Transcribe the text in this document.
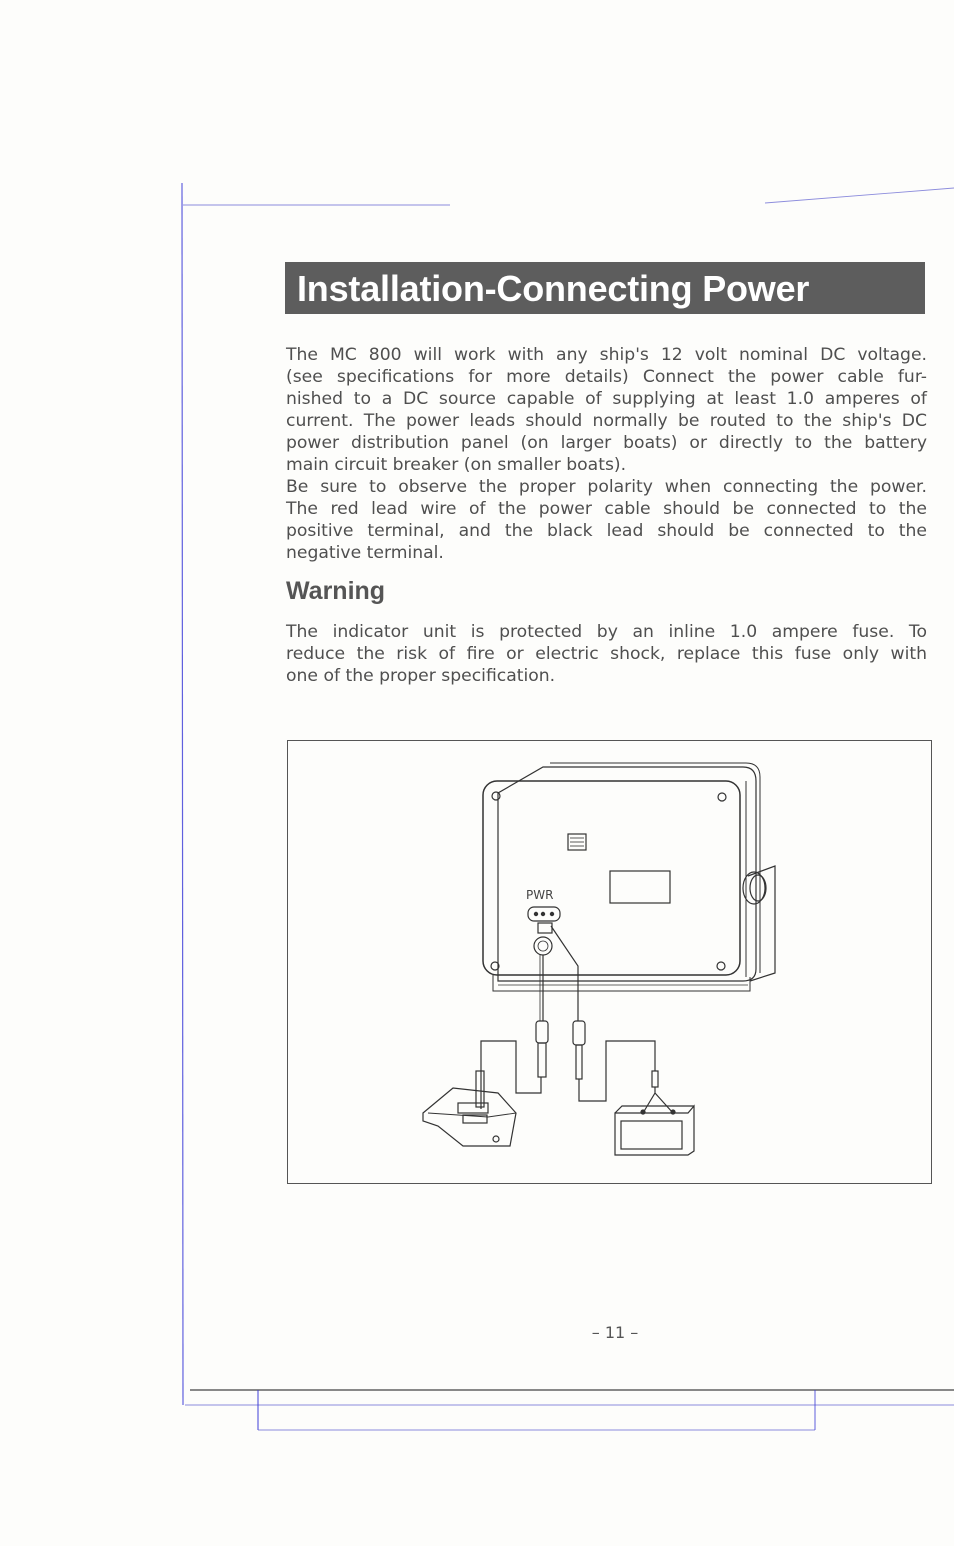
Installation-Connecting Power
The MC 800 will work with any ship's 12 volt nominal DC voltage.
(see specifications for more details) Connect the power cable fur-
nished to a DC source capable of supplying at least 1.0 amperes of
current. The power leads should normally be routed to the ship's DC
power distribution panel (on larger boats) or directly to the battery
main circuit breaker (on smaller boats).
Be sure to observe the proper polarity when connecting the power.
The red lead wire of the power cable should be connected to the
positive terminal, and the black lead should be connected to the
negative terminal.
Warning
The indicator unit is protected by an inline 1.0 ampere fuse. To
reduce the risk of fire or electric shock, replace this fuse only with
one of the proper specification.
PWR
– 11 –
